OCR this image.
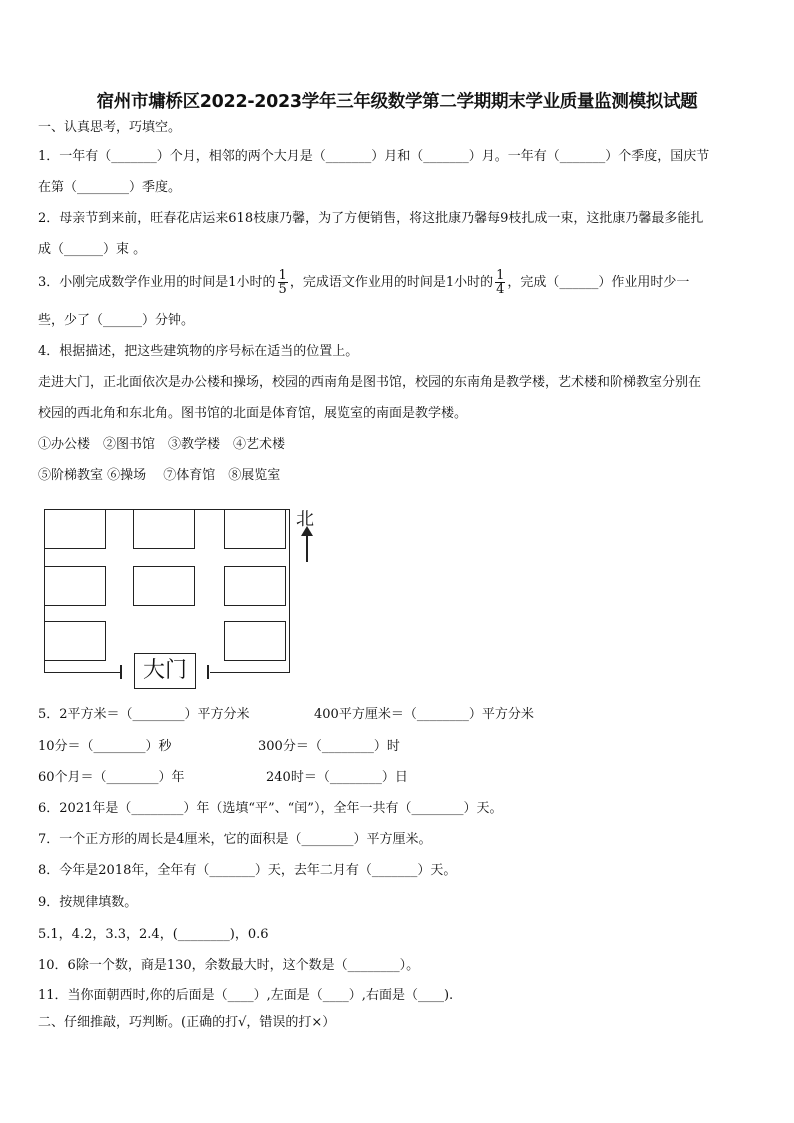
宿州市墉桥区2022-2023学年三年级数学第二学期期末学业质量监测模拟试题
一、认真思考，巧填空。
1．一年有（_______）个月，相邻的两个大月是（_______）月和（_______）月。一年有（_______）个季度，国庆节
在第（________）季度。
2．母亲节到来前，旺春花店运来618枝康乃馨，为了方便销售，将这批康乃馨每9枝扎成一束，这批康乃馨最多能扎
成（______）束 。
3．小刚完成数学作业用的时间是1小时的 $\frac{1}{5}$ ，完成语文作业用的时间是1小时的 $\frac{1}{4}$ ，完成（______）作业用时少一
些，少了（______）分钟。
4．根据描述，把这些建筑物的序号标在适当的位置上。
走进大门，正北面依次是办公楼和操场，校园的西南角是图书馆，校园的东南角是教学楼，艺术楼和阶梯教室分别在
校园的西北角和东北角。图书馆的北面是体育馆，展览室的南面是教学楼。
①办公楼　②图书馆　③教学楼　④艺术楼
⑤阶梯教室 ⑥操场　 ⑦体育馆　⑧展览室
大门
北
5．2平方米＝（________）平方分米	400平方厘米＝（________）平方分米
10分＝（________）秒	300分＝（________）时
60个月＝（________）年	240时＝（________）日
6．2021年是（________）年（选填“平”、“闰”），全年一共有（________）天。
7．一个正方形的周长是4厘米，它的面积是（________）平方厘米。
8．今年是2018年，全年有（_______）天，去年二月有（_______）天。
9．按规律填数。
5.1，4.2，3.3，2.4，(________)，0.6
10．6除一个数，商是130，余数最大时，这个数是（________）。
11．当你面朝西时,你的后面是（____）,左面是（____）,右面是（____).
二、仔细推敲，巧判断。(正确的打√，错误的打×）
